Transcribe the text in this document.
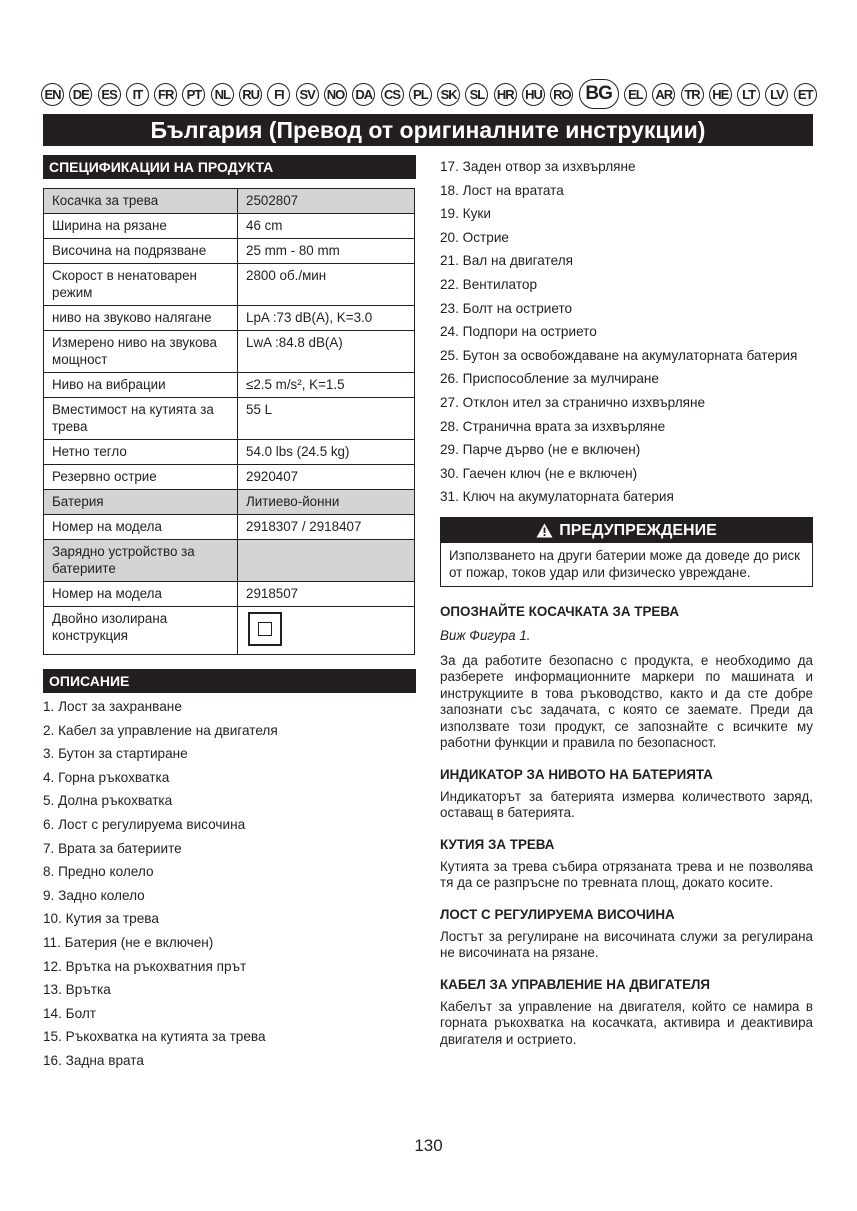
EN DE ES	IT	FR	PT	NL RU	FI	SV NO DA CS PL SK SL HR HU RO BG	EL AR TR HE	LT	LV	ET
България (Превод от оригиналните инструкции)
СПЕЦИФИКАЦИИ НА ПРОДУКТА
Косачка за трева	2502807
Ширина на рязане	46 cm
Височина на подрязване	25 mm - 80 mm
Скорост в ненатоварен режим	2800 об./мин
ниво на звуково налягане	LpA :73 dB(A), K=3.0
Измерено ниво на звукова мощност	LwA :84.8 dB(A)
Ниво на вибрации	≤2.5 m/s², K=1.5
Вместимост на кутията за трева	55 L
Нетно тегло	54.0 lbs (24.5 kg)
Резервно острие	2920407
Батерия	Литиево-йонни
Номер на модела	2918307 / 2918407
Зарядно устройство за батериите	
Номер на модела	2918507
Двойно изолирана конструкция	
ОПИСАНИЕ
1. Лост за захранване
2. Кабел за управление на двигателя
3. Бутон за стартиране
4. Горна ръкохватка
5. Долна ръкохватка
6. Лост с регулируема височина
7. Врата за батериите
8. Предно колело
9. Задно колело
10. Кутия за трева
11. Батерия (не е включен)
12. Врътка на ръкохватния прът
13. Врътка
14. Болт
15. Ръкохватка на кутията за трева
16. Задна врата
17. Заден отвор за изхвърляне
18. Лост на вратата
19. Куки
20. Острие
21. Вал на двигателя
22. Вентилатор
23. Болт на острието
24. Подпори на острието
25. Бутон за освобождаване на акумулаторната батерия
26. Приспособление за мулчиране
27. Отклон ител за странично изхвърляне
28. Странична врата за изхвърляне
29. Парче дърво (не е включен)
30. Гаечен ключ (не е включен)
31. Ключ на акумулаторната батерия
ПРЕДУПРЕЖДЕНИЕ
Използването на други батерии може да доведе до риск от пожар, токов удар или физическо увреждане.
ОПОЗНАЙТЕ КОСАЧКАТА ЗА ТРЕВА
Виж Фигура 1.
За да работите безопасно с продукта, е необходимо да разберете информационните маркери по машината и инструкциите в това ръководство, както и да сте добре запознати със задачата, с която се заемате. Преди да използвате този продукт, се запознайте с всичките му работни функции и правила по безопасност.
ИНДИКАТОР ЗА НИВОТО НА БАТЕРИЯТА
Индикаторът за батерията измерва количеството заряд, оставащ в батерията.
КУТИЯ ЗА ТРЕВА
Кутията за трева събира отрязаната трева и не позволява тя да се разпръсне по тревната площ, докато косите.
ЛОСТ С РЕГУЛИРУЕМА ВИСОЧИНА
Лостът за регулиране на височината служи за регулирана не височината на рязане.
КАБЕЛ ЗА УПРАВЛЕНИЕ НА ДВИГАТЕЛЯ
Кабелът за управление на двигателя, който се намира в горната ръкохватка на косачката, активира и деактивира двигателя и острието.
130
